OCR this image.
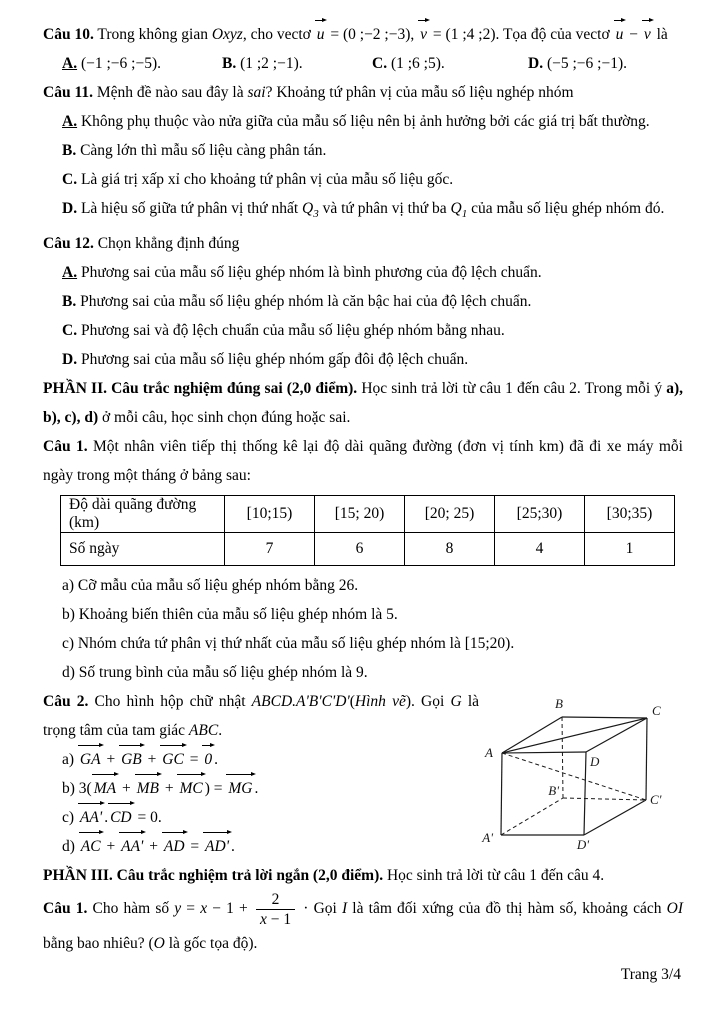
Câu 10. Trong không gian Oxyz, cho vectơ u = (0 ;−2 ;−3), v = (1 ;4 ;2). Tọa độ của vectơ u − v là

A. (−1 ;−6 ;−5).	B. (1 ;2 ;−1).	C. (1 ;6 ;5).	D. (−5 ;−6 ;−1).

Câu 11. Mệnh đề nào sau đây là sai? Khoảng tứ phân vị của mẫu số liệu nghép nhóm

A. Không phụ thuộc vào nửa giữa của mẫu số liệu nên bị ảnh hưởng bởi các giá trị bất thường.

B. Càng lớn thì mẫu số liệu càng phân tán.

C. Là giá trị xấp xỉ cho khoảng tứ phân vị của mẫu số liệu gốc.

D. Là hiệu số giữa tứ phân vị thứ nhất $Q_3$ và tứ phân vị thứ ba $Q_1$ của mẫu số liệu ghép nhóm đó.

Câu 12. Chọn khẳng định đúng

A. Phương sai của mẫu số liệu ghép nhóm là bình phương của độ lệch chuẩn.

B. Phương sai của mẫu số liệu ghép nhóm là căn bậc hai của độ lệch chuẩn.

C. Phương sai và độ lệch chuẩn của mẫu số liệu ghép nhóm bằng nhau.

D. Phương sai của mẫu số liệu ghép nhóm gấp đôi độ lệch chuẩn.

PHẦN II. Câu trắc nghiệm đúng sai (2,0 điểm). Học sinh trả lời từ câu 1 đến câu 2. Trong mỗi ý a), b), c), d) ở mỗi câu, học sinh chọn đúng hoặc sai.

Câu 1. Một nhân viên tiếp thị thống kê lại độ dài quãng đường (đơn vị tính km) đã đi xe máy mỗi ngày trong một tháng ở bảng sau:

Độ dài quãng đường (km)	[10;15)	[15; 20)	[20; 25)	[25;30)	[30;35)
Số ngày	7	6	8	4	1

a) Cỡ mẫu của mẫu số liệu ghép nhóm bằng 26.

b) Khoảng biến thiên của mẫu số liệu ghép nhóm là 5.

c) Nhóm chứa tứ phân vị thứ nhất của mẫu số liệu ghép nhóm là [15;20).

d) Số trung bình của mẫu số liệu ghép nhóm là 9.

Câu 2. Cho hình hộp chữ nhật ABCD.A'B'C'D'(Hình vẽ). Gọi G là trọng tâm của tam giác ABC.

a) GA + GB + GC = 0 .

b) 3( MA + MB + MC ) = MG .

c) AA' . CD = 0.

d) AC + AA' + AD = AD' .

A
B	C
D
A'
B'
C'
D'

PHẦN III. Câu trắc nghiệm trả lời ngắn (2,0 điểm). Học sinh trả lời từ câu 1 đến câu 4.

Câu 1. Cho hàm số $y = x - 1 + \frac{2}{x - 1}$ · Gọi I là tâm đối xứng của đồ thị hàm số, khoảng cách OI bằng bao nhiêu? (O là gốc tọa độ).

Trang 3/4
